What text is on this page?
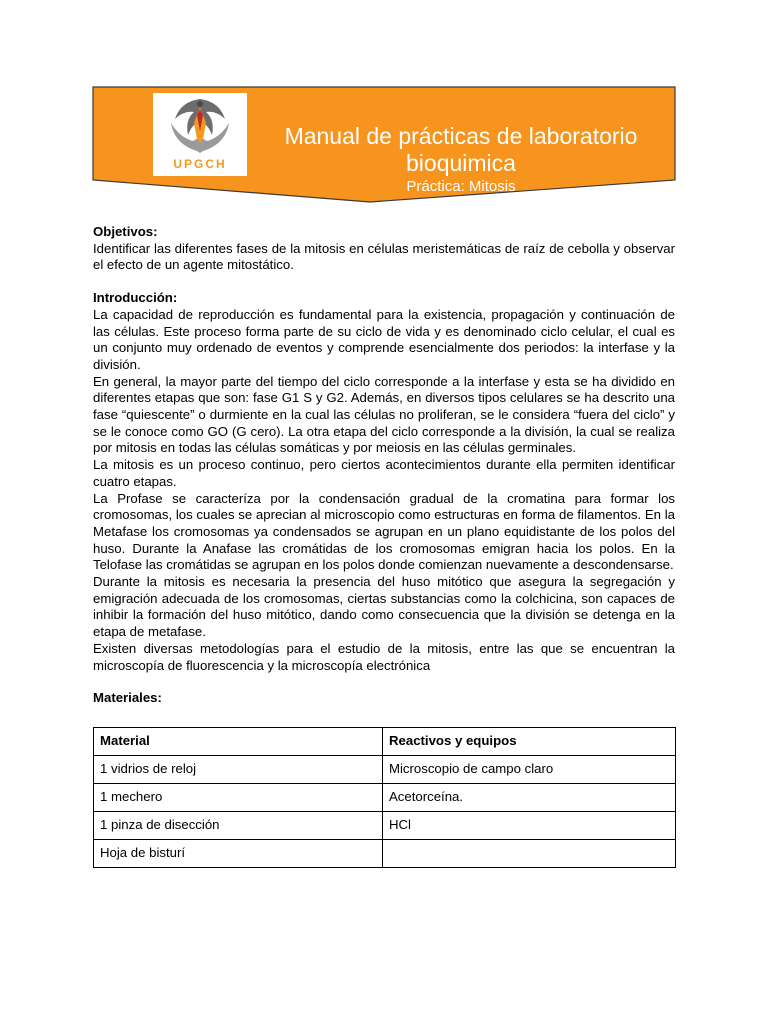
UPGCH
Manual de prácticas de laboratorio
bioquimica
Práctica: Mitosis
Objetivos:
Identificar las diferentes fases de la mitosis en células meristemáticas de raíz de cebolla y observar el efecto de un agente mitostático.
Introducción:
La capacidad de reproducción es fundamental para la existencia, propagación y continuación de las células. Este proceso forma parte de su ciclo de vida y es denominado ciclo celular, el cual es un conjunto muy ordenado de eventos y comprende esencialmente dos periodos: la interfase y la división.
En general, la mayor parte del tiempo del ciclo corresponde a la interfase y esta se ha dividido en diferentes etapas que son: fase G1 S y G2. Además, en diversos tipos celulares se ha descrito una fase “quiescente” o durmiente en la cual las células no proliferan, se le considera “fuera del ciclo” y se le conoce como GO (G cero). La otra etapa del ciclo corresponde a la división, la cual se realiza por mitosis en todas las células somáticas y por meiosis en las células germinales.
La mitosis es un proceso continuo, pero ciertos acontecimientos durante ella permiten identificar cuatro etapas.
La Profase se caracteríza por la condensación gradual de la cromatina para formar los cromosomas, los cuales se aprecian al microscopio como estructuras en forma de filamentos. En la Metafase los cromosomas ya condensados se agrupan en un plano equidistante de los polos del huso. Durante la Anafase las cromátidas de los cromosomas emigran hacia los polos. En la Telofase las cromátidas se agrupan en los polos donde comienzan nuevamente a descondensarse.
Durante la mitosis es necesaria la presencia del huso mitótico que asegura la segregación y emigración adecuada de los cromosomas, ciertas substancias como la colchicina, son capaces de inhibir la formación del huso mitótico, dando como consecuencia que la división se detenga en la etapa de metafase.
Existen diversas metodologías para el estudio de la mitosis, entre las que se encuentran la microscopía de fluorescencia y la microscopía electrónica
Materiales:
Material	Reactivos y equipos
1 vidrios de reloj	Microscopio de campo claro
1 mechero	Acetorceína.
1 pinza de disección	HCl
Hoja de bisturí	
